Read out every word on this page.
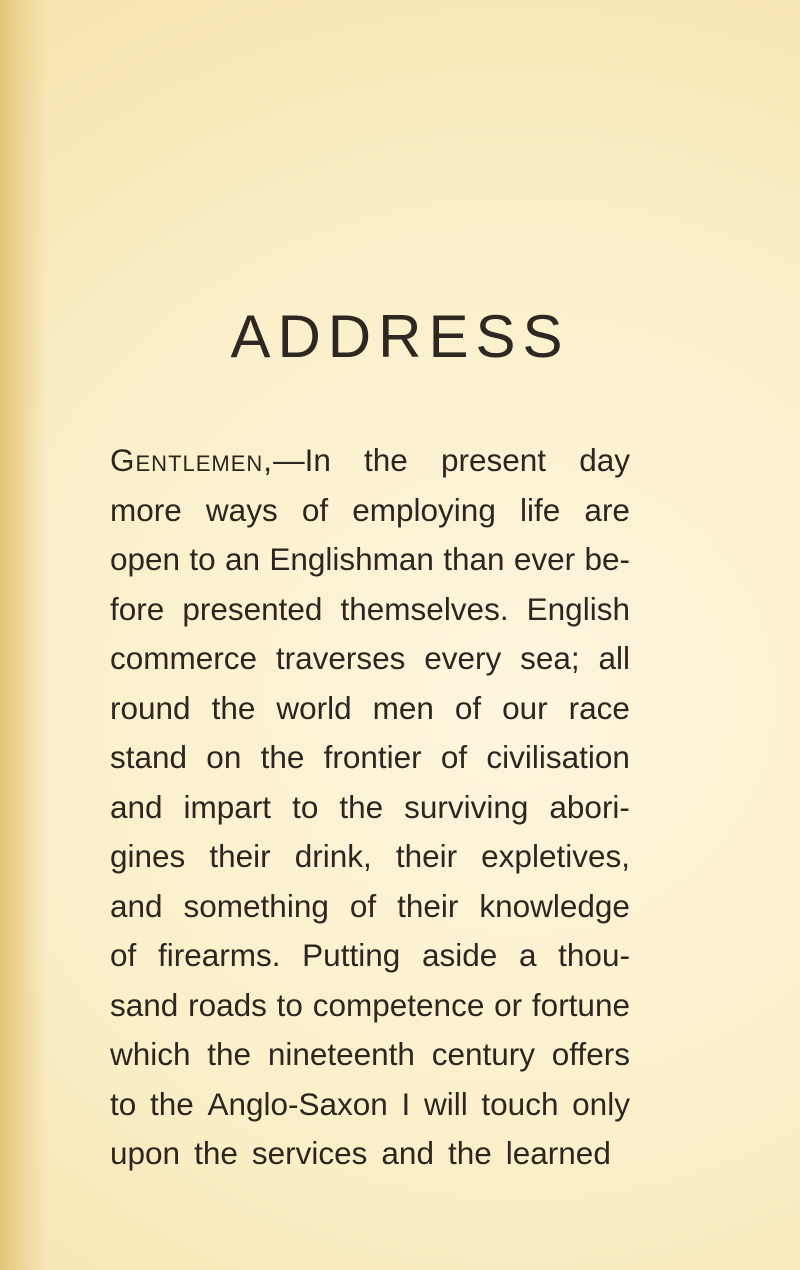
ADDRESS
Gentlemen,—In the present day
more ways of employing life are
open to an Englishman than ever be-
fore presented themselves. English
commerce traverses every sea; all
round the world men of our race
stand on the frontier of civilisation
and impart to the surviving abori-
gines their drink, their expletives,
and something of their knowledge
of firearms. Putting aside a thou-
sand roads to competence or fortune
which the nineteenth century offers
to the Anglo-Saxon I will touch only
upon the services and the learned
